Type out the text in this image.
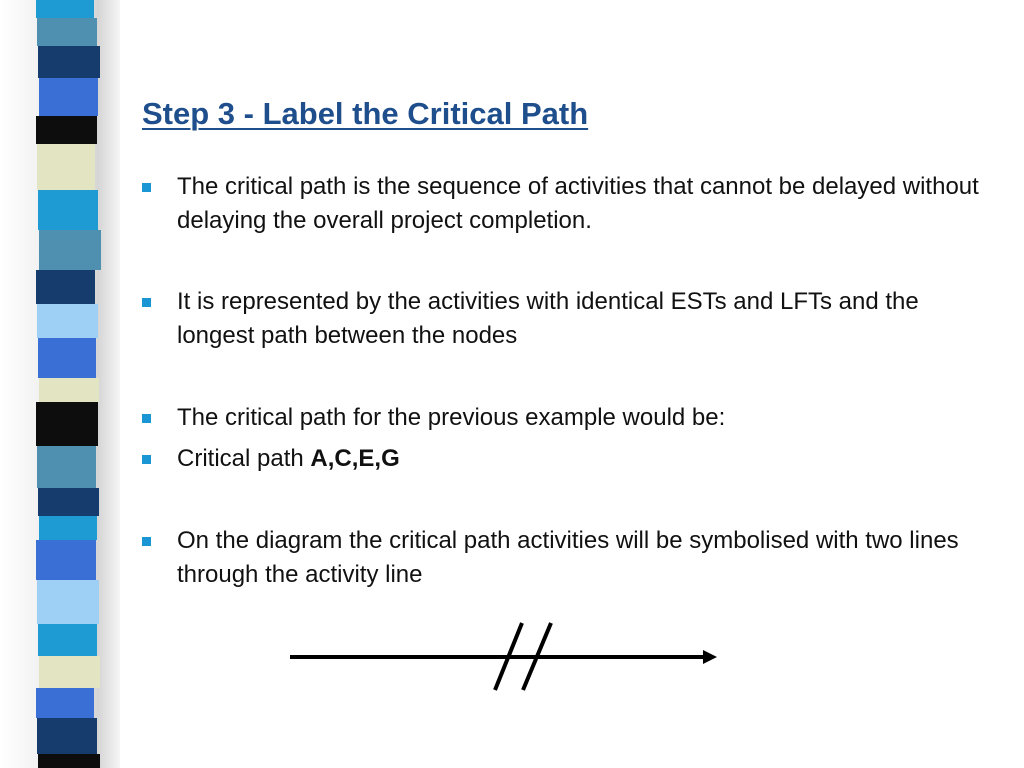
Step 3 - Label the Critical Path
The critical path is the sequence of activities that cannot be delayed without delaying the overall project completion.
It is represented by the activities with identical ESTs and LFTs and the longest path between the nodes
The critical path for the previous example would be:
Critical path A,C,E,G
On the diagram the critical path activities will be symbolised with two lines through the activity line
